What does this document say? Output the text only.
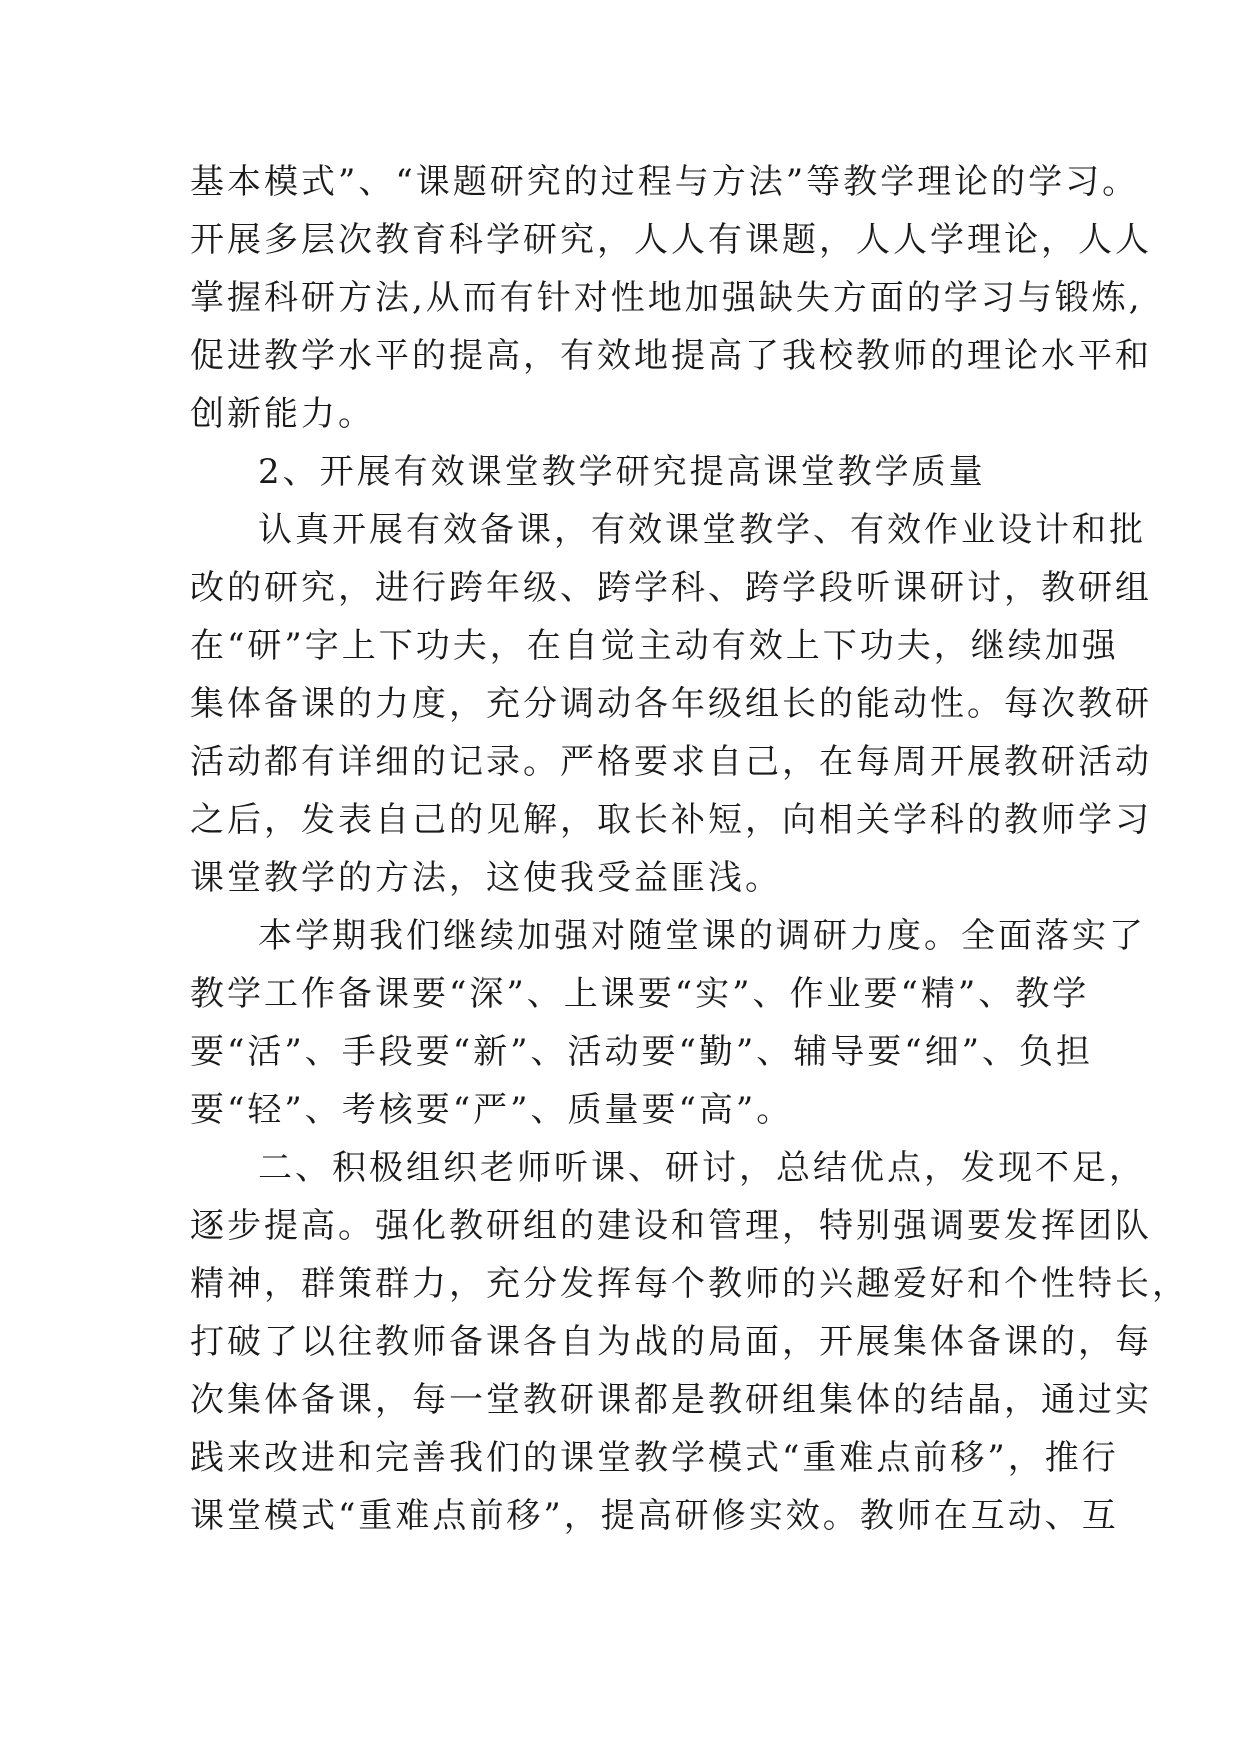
基本模式”、“课题研究的过程与方法”等教学理论的学习。
开展多层次教育科学研究，人人有课题，人人学理论，人人
掌握科研方法,从而有针对性地加强缺失方面的学习与锻炼,
促进教学水平的提高，有效地提高了我校教师的理论水平和
创新能力。
2、开展有效课堂教学研究提高课堂教学质量
认真开展有效备课，有效课堂教学、有效作业设计和批
改的研究，进行跨年级、跨学科、跨学段听课研讨，教研组
在“研”字上下功夫，在自觉主动有效上下功夫，继续加强
集体备课的力度，充分调动各年级组长的能动性。每次教研
活动都有详细的记录。严格要求自己，在每周开展教研活动
之后，发表自己的见解，取长补短，向相关学科的教师学习
课堂教学的方法，这使我受益匪浅。
本学期我们继续加强对随堂课的调研力度。全面落实了
教学工作备课要“深”、上课要“实”、作业要“精”、教学
要“活”、手段要“新”、活动要“勤”、辅导要“细”、负担
要“轻”、考核要“严”、质量要“高”。
二、积极组织老师听课、研讨，总结优点，发现不足，
逐步提高。强化教研组的建设和管理，特别强调要发挥团队
精神，群策群力，充分发挥每个教师的兴趣爱好和个性特长，
打破了以往教师备课各自为战的局面，开展集体备课的，每
次集体备课，每一堂教研课都是教研组集体的结晶，通过实
践来改进和完善我们的课堂教学模式“重难点前移”，推行
课堂模式“重难点前移”，提高研修实效。教师在互动、互
